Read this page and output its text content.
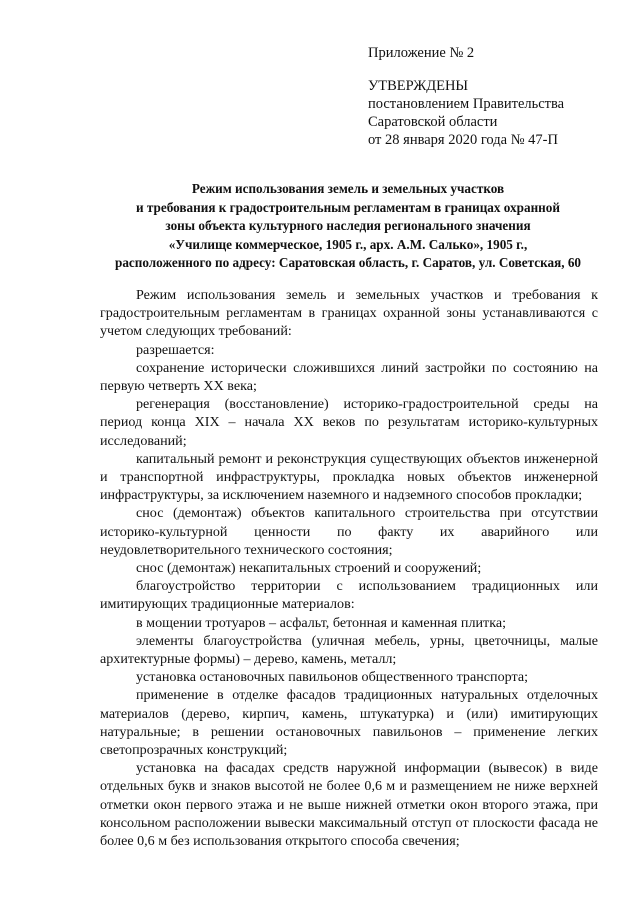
Приложение № 2
УТВЕРЖДЕНЫ
постановлением Правительства
Саратовской области
от 28 января 2020 года № 47-П
Режим использования земель и земельных участков
и требования к градостроительным регламентам в границах охранной
зоны объекта культурного наследия регионального значения
«Училище коммерческое, 1905 г., арх. А.М. Салько», 1905 г.,
расположенного по адресу: Саратовская область, г. Саратов, ул. Советская, 60

Режим использования земель и земельных участков и требования к градостроительным регламентам в границах охранной зоны устанавливаются с учетом следующих требований:

разрешается:

сохранение исторически сложившихся линий застройки по состоянию на первую четверть XX века;

регенерация (восстановление) историко-градостроительной среды на период конца XIX – начала XX веков по результатам историко-культурных исследований;

капитальный ремонт и реконструкция существующих объектов инженерной и транспортной инфраструктуры, прокладка новых объектов инженерной инфраструктуры, за исключением наземного и надземного способов прокладки;

снос (демонтаж) объектов капитального строительства при отсутствии историко-культурной ценности по факту их аварийного или неудовлетворительного технического состояния;

снос (демонтаж) некапитальных строений и сооружений;

благоустройство территории с использованием традиционных или имитирующих традиционные материалов:

в мощении тротуаров – асфальт, бетонная и каменная плитка;

элементы благоустройства (уличная мебель, урны, цветочницы, малые архитектурные формы) – дерево, камень, металл;

установка остановочных павильонов общественного транспорта;

применение в отделке фасадов традиционных натуральных отделочных материалов (дерево, кирпич, камень, штукатурка) и (или) имитирующих натуральные; в решении остановочных павильонов – применение легких светопрозрачных конструкций;

установка на фасадах средств наружной информации (вывесок) в виде отдельных букв и знаков высотой не более 0,6 м и размещением не ниже верхней отметки окон первого этажа и не выше нижней отметки окон второго этажа, при консольном расположении вывески максимальный отступ от плоскости фасада не более 0,6 м без использования открытого способа свечения;
